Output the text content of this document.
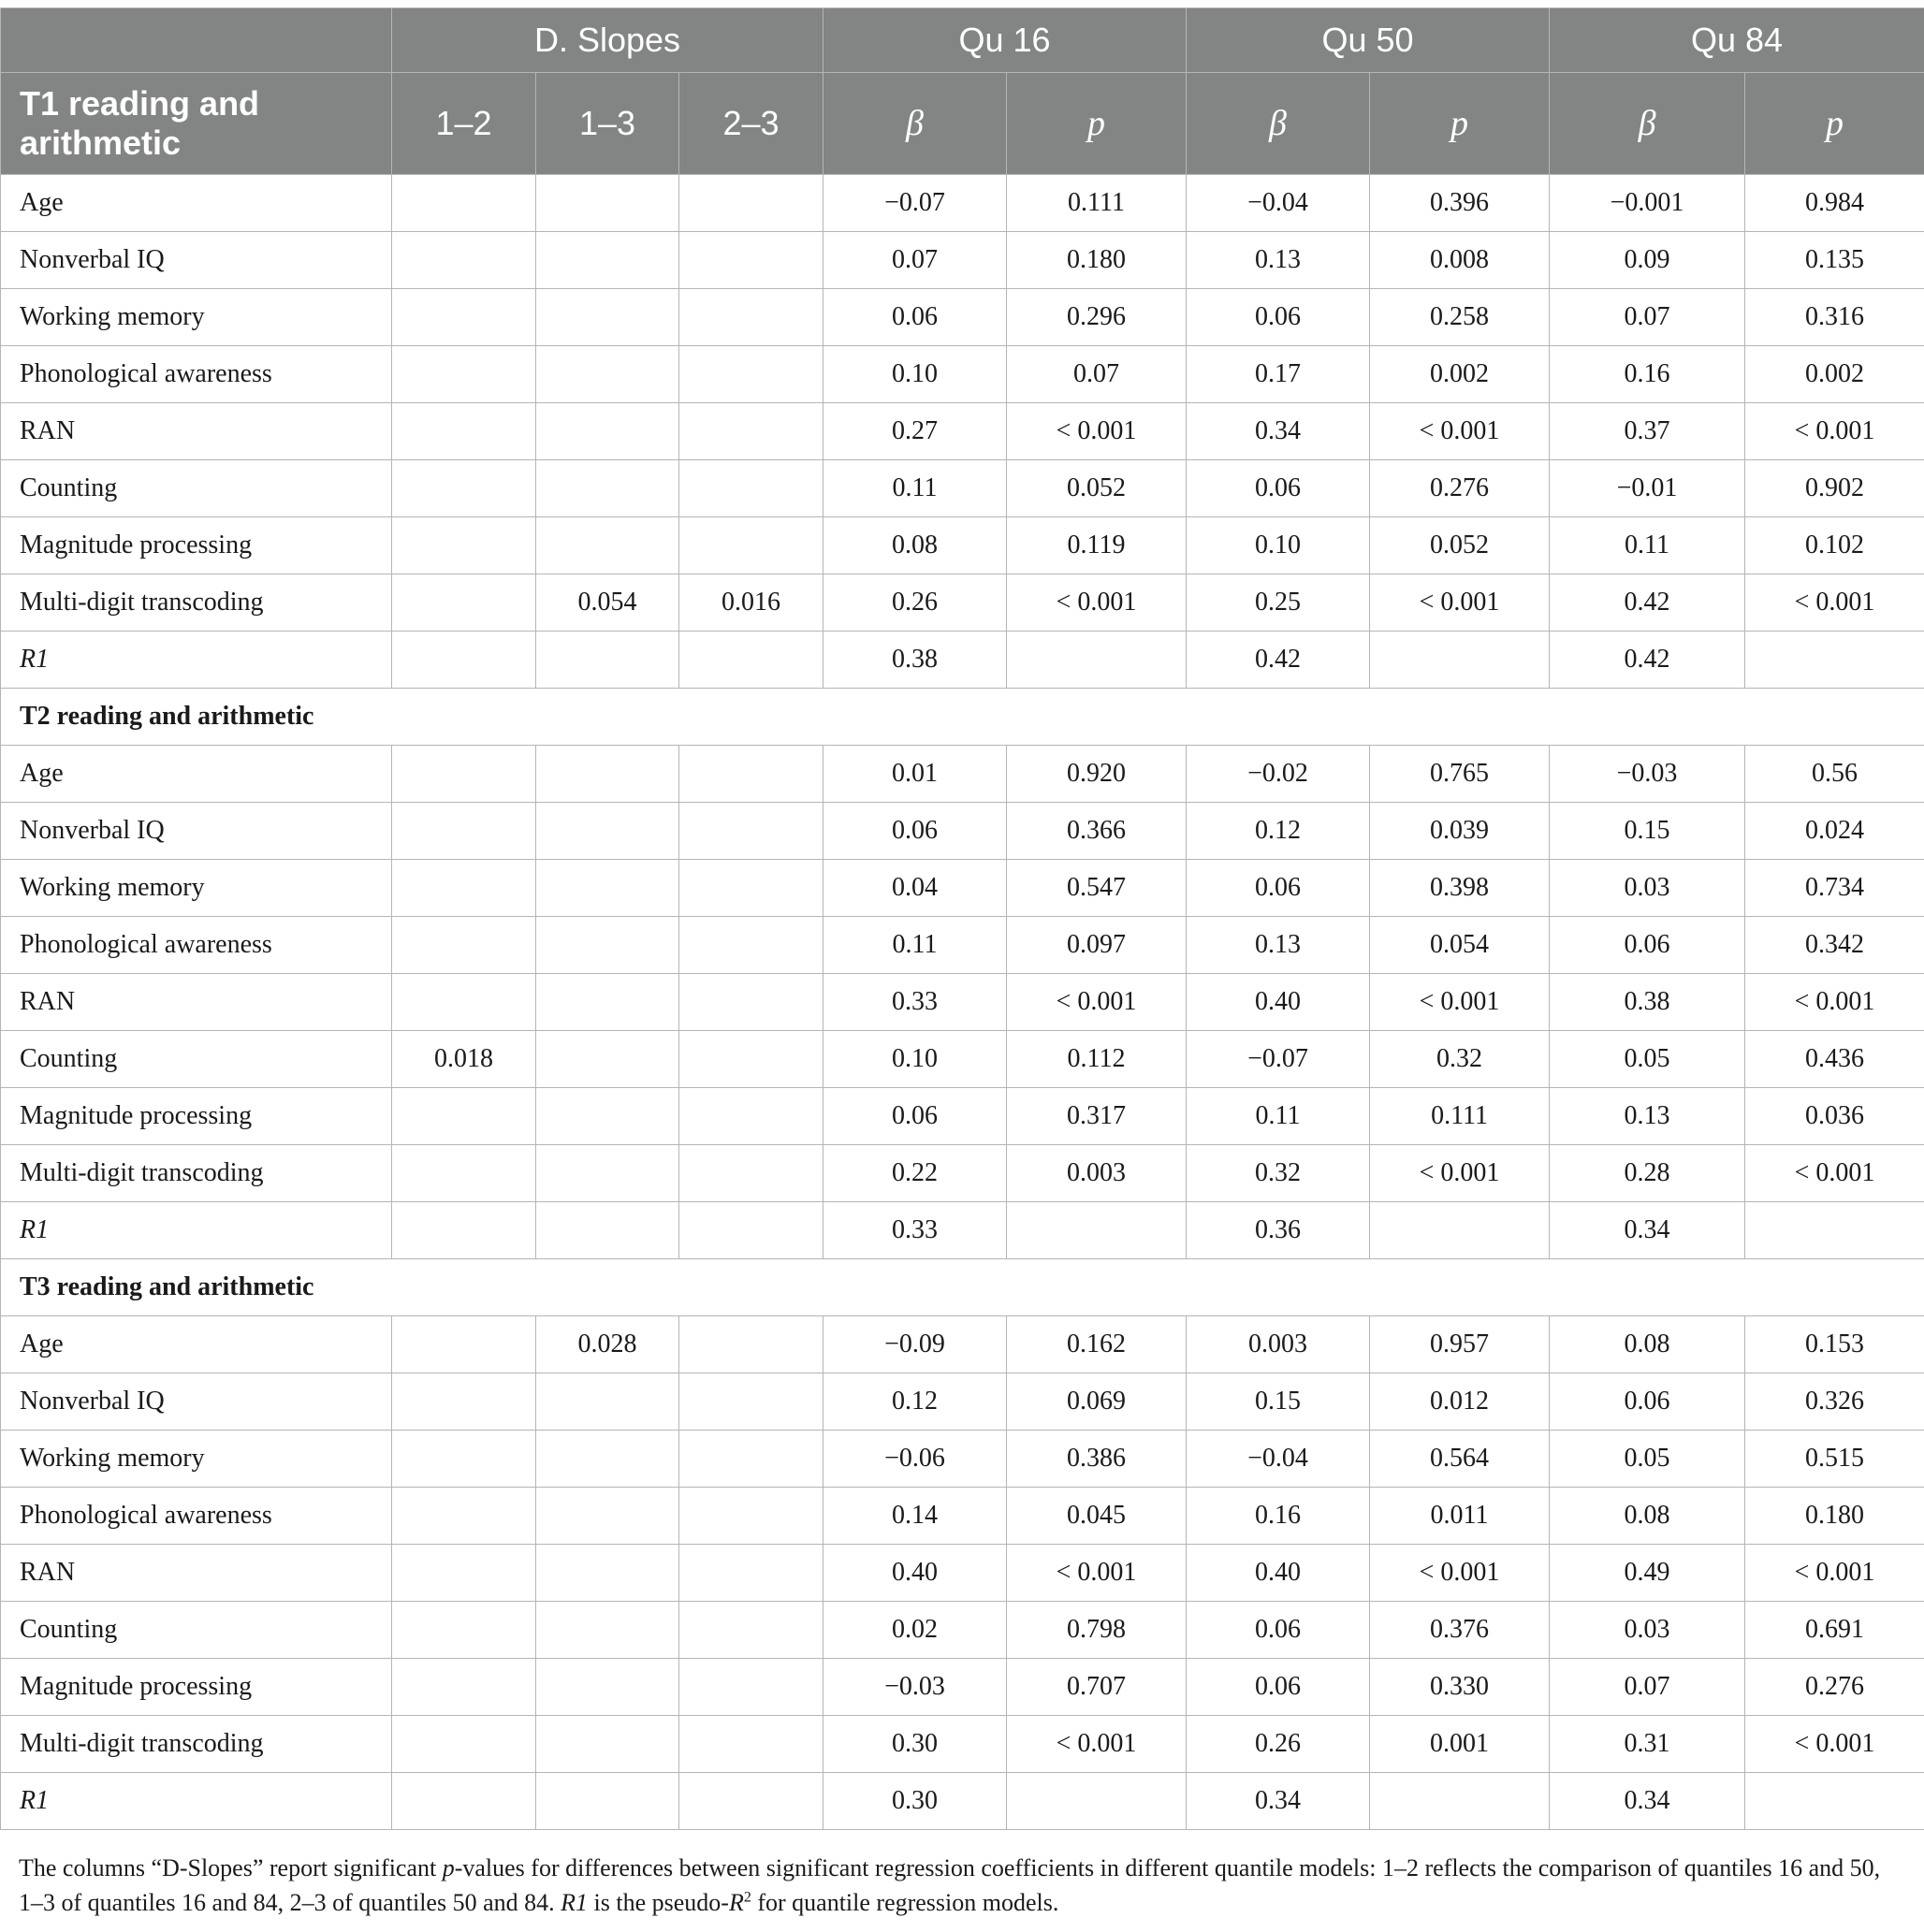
	D. Slopes			Qu 16		Qu 50		Qu 84	
T1 reading and arithmetic	1–2	1–3	2–3	β	p	β	p	β	p
Age				−0.07	0.111	−0.04	0.396	−0.001	0.984
Nonverbal IQ				0.07	0.180	0.13	0.008	0.09	0.135
Working memory				0.06	0.296	0.06	0.258	0.07	0.316
Phonological awareness				0.10	0.07	0.17	0.002	0.16	0.002
RAN				0.27	< 0.001	0.34	< 0.001	0.37	< 0.001
Counting				0.11	0.052	0.06	0.276	−0.01	0.902
Magnitude processing				0.08	0.119	0.10	0.052	0.11	0.102
Multi-digit transcoding		0.054	0.016	0.26	< 0.001	0.25	< 0.001	0.42	< 0.001
R1				0.38		0.42		0.42	
T2 reading and arithmetic									
Age				0.01	0.920	−0.02	0.765	−0.03	0.56
Nonverbal IQ				0.06	0.366	0.12	0.039	0.15	0.024
Working memory				0.04	0.547	0.06	0.398	0.03	0.734
Phonological awareness				0.11	0.097	0.13	0.054	0.06	0.342
RAN				0.33	< 0.001	0.40	< 0.001	0.38	< 0.001
Counting	0.018			0.10	0.112	−0.07	0.32	0.05	0.436
Magnitude processing				0.06	0.317	0.11	0.111	0.13	0.036
Multi-digit transcoding				0.22	0.003	0.32	< 0.001	0.28	< 0.001
R1				0.33		0.36		0.34	
T3 reading and arithmetic									
Age		0.028		−0.09	0.162	0.003	0.957	0.08	0.153
Nonverbal IQ				0.12	0.069	0.15	0.012	0.06	0.326
Working memory				−0.06	0.386	−0.04	0.564	0.05	0.515
Phonological awareness				0.14	0.045	0.16	0.011	0.08	0.180
RAN				0.40	< 0.001	0.40	< 0.001	0.49	< 0.001
Counting				0.02	0.798	0.06	0.376	0.03	0.691
Magnitude processing				−0.03	0.707	0.06	0.330	0.07	0.276
Multi-digit transcoding				0.30	< 0.001	0.26	0.001	0.31	< 0.001
R1				0.30		0.34		0.34	
The columns “D-Slopes” report significant p-values for differences between significant regression coefficients in different quantile models: 1–2 reflects the comparison of quantiles 16 and 50, 1–3 of quantiles 16 and 84, 2–3 of quantiles 50 and 84. R1 is the pseudo-$R^2$ for quantile regression models.
